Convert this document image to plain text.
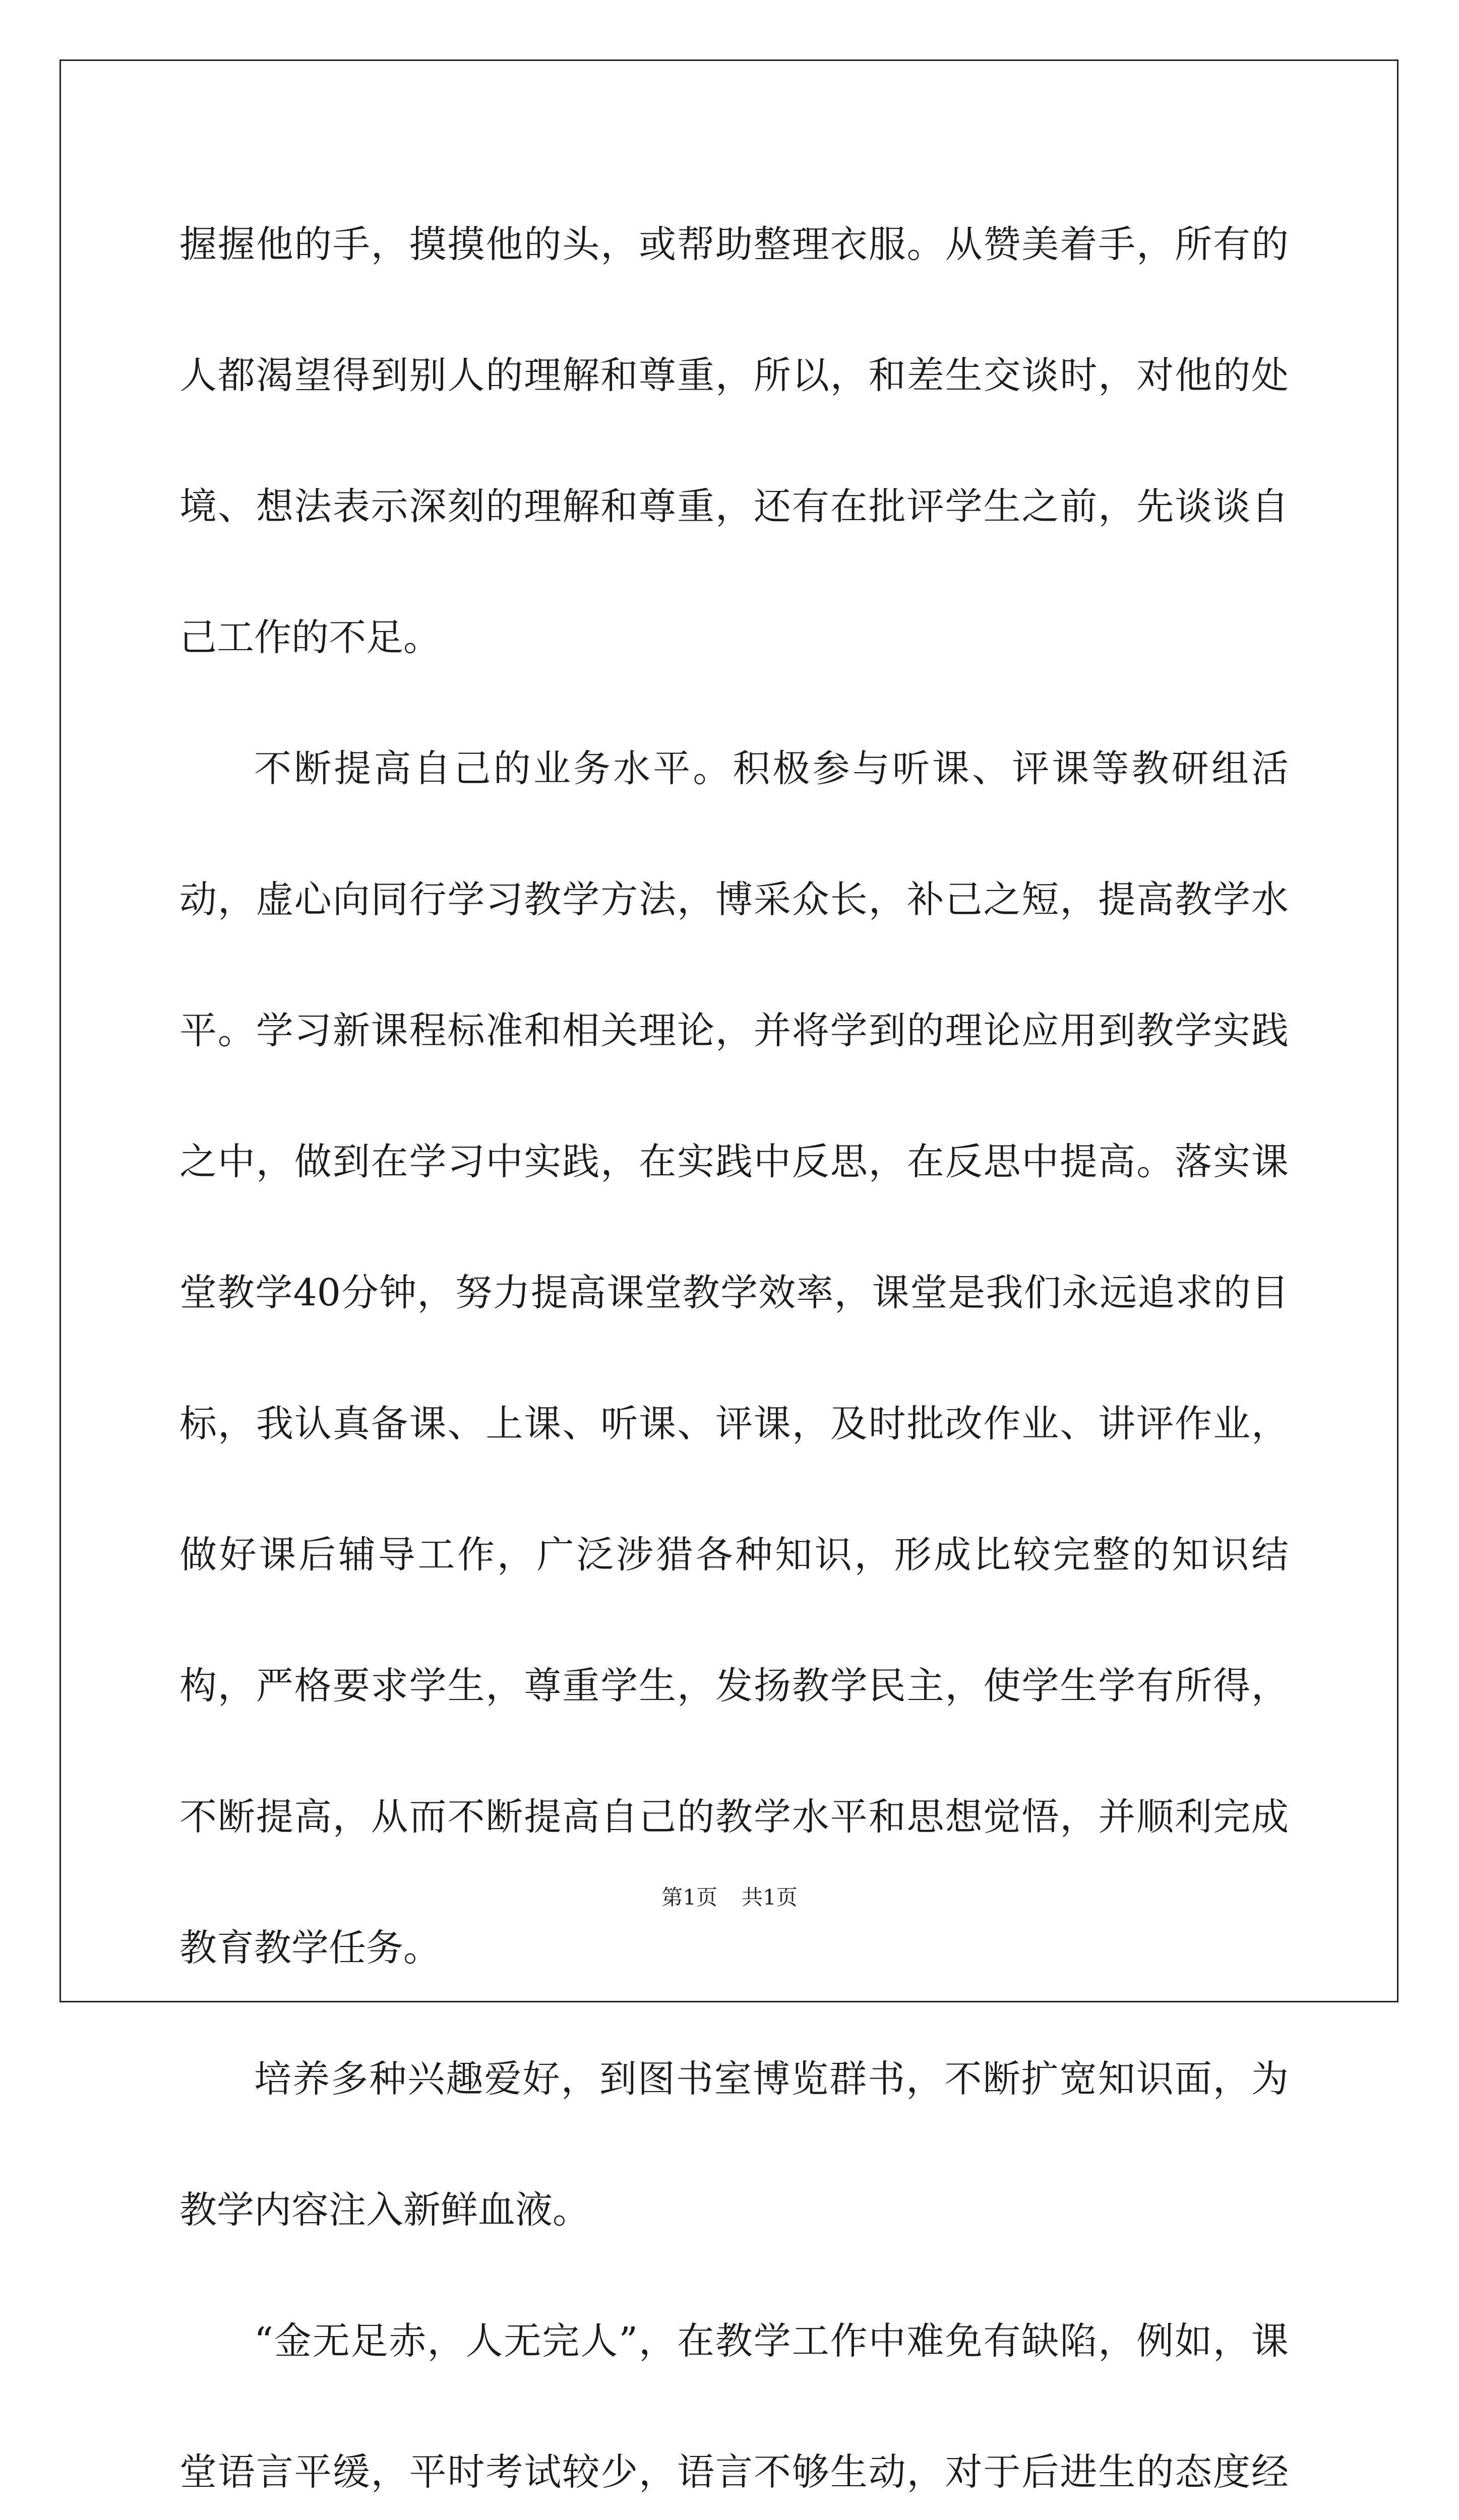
握握他的手，摸摸他的头，或帮助整理衣服。从赞美着手，所有的人都渴望得到别人的理解和尊重，所以，和差生交谈时，对他的处境、想法表示深刻的理解和尊重，还有在批评学生之前，先谈谈自己工作的不足。

不断提高自己的业务水平。积极参与听课、评课等教研组活动，虚心向同行学习教学方法，博采众长，补己之短，提高教学水平。学习新课程标准和相关理论，并将学到的理论应用到教学实践之中，做到在学习中实践，在实践中反思，在反思中提高。落实课堂教学40分钟，努力提高课堂教学效率，课堂是我们永远追求的目标，我认真备课、上课、听课、评课，及时批改作业、讲评作业，做好课后辅导工作，广泛涉猎各种知识，形成比较完整的知识结构，严格要求学生，尊重学生，发扬教学民主，使学生学有所得，不断提高，从而不断提高自己的教学水平和思想觉悟，并顺利完成教育教学任务。

培养多种兴趣爱好，到图书室博览群书，不断扩宽知识面，为教学内容注入新鲜血液。

“金无足赤，人无完人”，在教学工作中难免有缺陷，例如，课堂语言平缓，平时考试较少，语言不够生动，对于后进生的态度经

第1页 共1页
